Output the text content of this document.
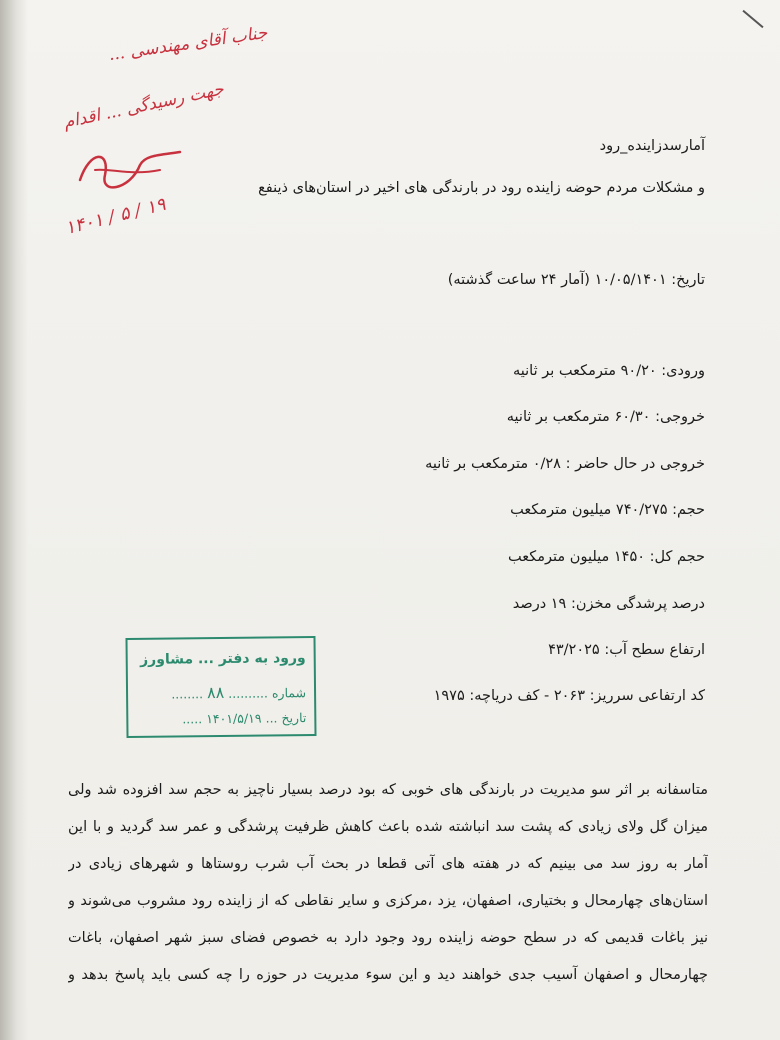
جناب آقای مهندسی ...
جهت رسیدگی ... اقدام
۱۹ / ۵ / ۱۴۰۱
آمارسدزاینده_رود
و مشکلات مردم حوضه زاینده رود در بارندگی های اخیر در استان‌های ذینفع
تاریخ: ۱۰/۰۵/۱۴۰۱ (آمار ۲۴ ساعت گذشته)
ورودی: ۹۰/۲۰ مترمکعب بر ثانیه
خروجی: ۶۰/۳۰ مترمکعب بر ثانیه
خروجی در حال حاضر : ۰/۲۸ مترمکعب بر ثانیه
حجم: ۷۴۰/۲۷۵ میلیون مترمکعب
حجم کل: ۱۴۵۰ میلیون مترمکعب
درصد پرشدگی مخزن: ۱۹ درصد
ارتفاع سطح آب: ۴۳/۲۰۲۵
کد ارتفاعی سرریز: ۲۰۶۳ - کف دریاچه: ۱۹۷۵
ورود به دفتر ... مشاورز
شماره .......... ۸۸ ........
تاریخ ... ۱۴۰۱/۵/۱۹ .....
متاسفانه بر اثر سو مدیریت در بارندگی های خوبی که بود درصد بسیار ناچیز به حجم سد افزوده شد ولی
میزان گل ولای زیادی که پشت سد انباشته شده باعث کاهش ظرفیت پرشدگی و عمر سد گردید و با این
آمار به روز سد می بینیم که در هفته های آتی قطعا در بحث آب شرب روستاها و شهرهای زیادی در
استان‌های چهارمحال و بختیاری، اصفهان، یزد ،مرکزی و سایر نقاطی که از زاینده رود مشروب می‌شوند و
نیز باغات قدیمی که در سطح حوضه زاینده رود وجود دارد به خصوص فضای سبز شهر اصفهان، باغات
چهارمحال و اصفهان آسیب جدی خواهند دید و این سوء مدیریت در حوزه را چه کسی باید پاسخ بدهد و
